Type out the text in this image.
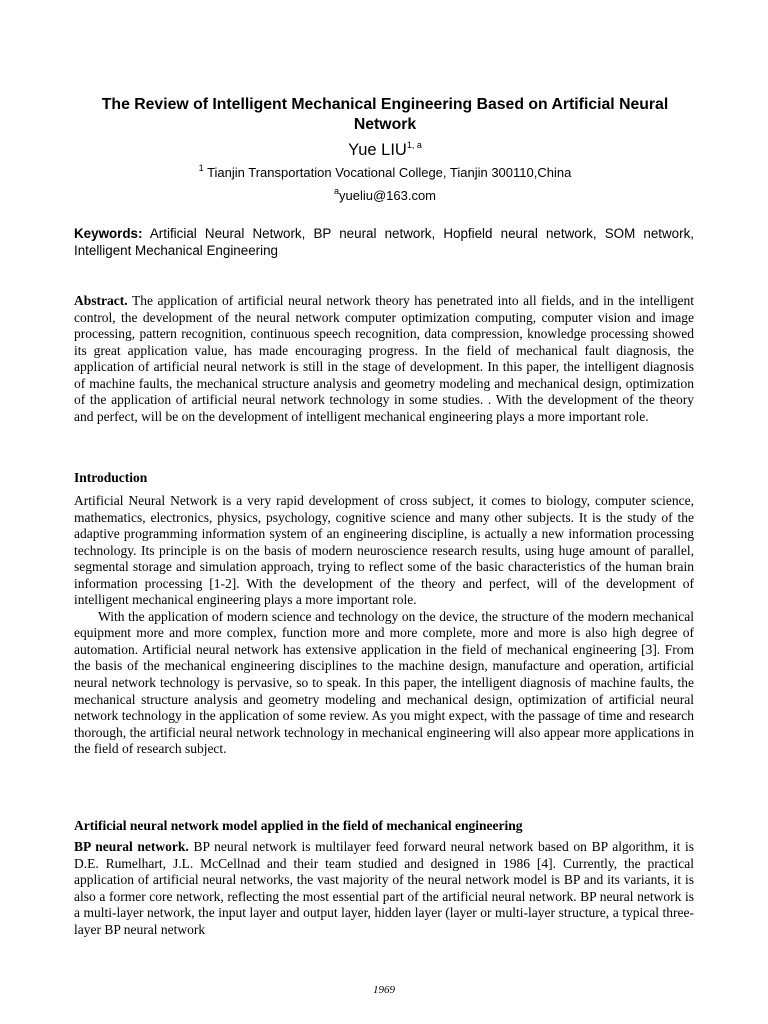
The Review of Intelligent Mechanical Engineering Based on Artificial Neural Network
Yue LIU$^{1, a}$
$^1$ Tianjin Transportation Vocational College, Tianjin 300110,China
$^a$yueliu@163.com
Keywords: Artificial Neural Network, BP neural network, Hopfield neural network, SOM network, Intelligent Mechanical Engineering
Abstract. The application of artificial neural network theory has penetrated into all fields, and in the intelligent control, the development of the neural network computer optimization computing, computer vision and image processing, pattern recognition, continuous speech recognition, data compression, knowledge processing showed its great application value, has made encouraging progress. In the field of mechanical fault diagnosis, the application of artificial neural network is still in the stage of development. In this paper, the intelligent diagnosis of machine faults, the mechanical structure analysis and geometry modeling and mechanical design, optimization of the application of artificial neural network technology in some studies. . With the development of the theory and perfect, will be on the development of intelligent mechanical engineering plays a more important role.
Introduction

Artificial Neural Network is a very rapid development of cross subject, it comes to biology, computer science, mathematics, electronics, physics, psychology, cognitive science and many other subjects. It is the study of the adaptive programming information system of an engineering discipline, is actually a new information processing technology. Its principle is on the basis of modern neuroscience research results, using huge amount of parallel, segmental storage and simulation approach, trying to reflect some of the basic characteristics of the human brain information processing [1-2]. With the development of the theory and perfect, will of the development of intelligent mechanical engineering plays a more important role.

With the application of modern science and technology on the device, the structure of the modern mechanical equipment more and more complex, function more and more complete, more and more is also high degree of automation. Artificial neural network has extensive application in the field of mechanical engineering [3]. From the basis of the mechanical engineering disciplines to the machine design, manufacture and operation, artificial neural network technology is pervasive, so to speak. In this paper, the intelligent diagnosis of machine faults, the mechanical structure analysis and geometry modeling and mechanical design, optimization of artificial neural network technology in the application of some review. As you might expect, with the passage of time and research thorough, the artificial neural network technology in mechanical engineering will also appear more applications in the field of research subject.

Artificial neural network model applied in the field of mechanical engineering
BP neural network. BP neural network is multilayer feed forward neural network based on BP algorithm, it is D.E. Rumelhart, J.L. McCellnad and their team studied and designed in 1986 [4]. Currently, the practical application of artificial neural networks, the vast majority of the neural network model is BP and its variants, it is also a former core network, reflecting the most essential part of the artificial neural network. BP neural network is a multi-layer network, the input layer and output layer, hidden layer (layer or multi-layer structure, a typical three-layer BP neural network
1969
